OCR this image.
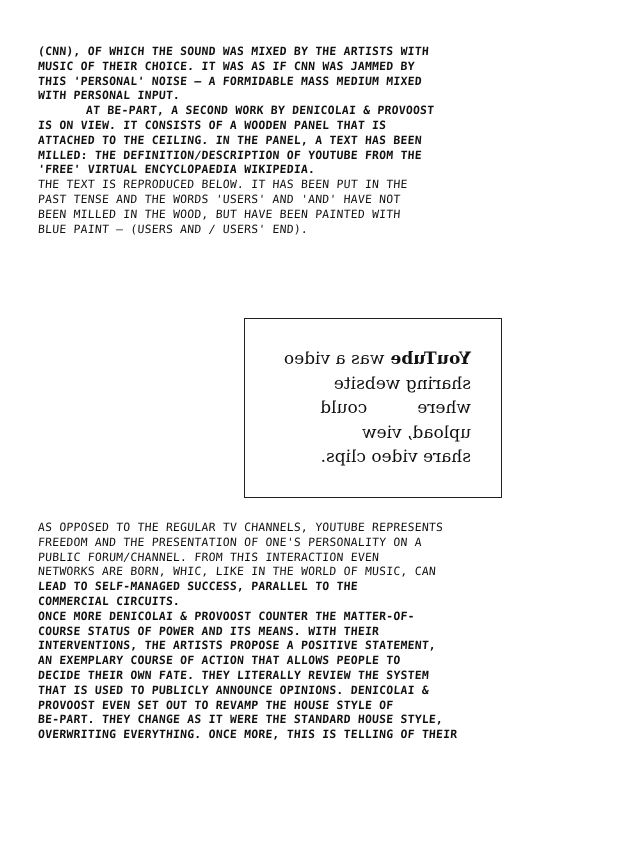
(CNN), OF WHICH THE SOUND WAS MIXED BY THE ARTISTS WITH
MUSIC OF THEIR CHOICE. IT WAS AS IF CNN WAS JAMMED BY
THIS 'PERSONAL' NOISE — A FORMIDABLE MASS MEDIUM MIXED
WITH PERSONAL INPUT.
AT BE-PART, A SECOND WORK BY DENICOLAI & PROVOOST
IS ON VIEW. IT CONSISTS OF A WOODEN PANEL THAT IS
ATTACHED TO THE CEILING. IN THE PANEL, A TEXT HAS BEEN
MILLED: THE DEFINITION/DESCRIPTION OF YOUTUBE FROM THE
'FREE' VIRTUAL ENCYCLOPAEDIA WIKIPEDIA.
THE TEXT IS REPRODUCED BELOW. IT HAS BEEN PUT IN THE
PAST TENSE AND THE WORDS 'USERS' AND 'AND' HAVE NOT
BEEN MILLED IN THE WOOD, BUT HAVE BEEN PAINTED WITH
BLUE PAINT — (USERS AND / USERS' END).
YouTubewas a video
sharing website
wherecould
upload, view
share video clips.
AS OPPOSED TO THE REGULAR TV CHANNELS, YOUTUBE REPRESENTS
FREEDOM AND THE PRESENTATION OF ONE'S PERSONALITY ON A
PUBLIC FORUM/CHANNEL. FROM THIS INTERACTION EVEN
NETWORKS ARE BORN, WHIC, LIKE IN THE WORLD OF MUSIC, CAN
LEAD TO SELF-MANAGED SUCCESS, PARALLEL TO THE
COMMERCIAL CIRCUITS.
ONCE MORE DENICOLAI & PROVOOST COUNTER THE MATTER-OF-
COURSE STATUS OF POWER AND ITS MEANS. WITH THEIR
INTERVENTIONS, THE ARTISTS PROPOSE A POSITIVE STATEMENT,
AN EXEMPLARY COURSE OF ACTION THAT ALLOWS PEOPLE TO
DECIDE THEIR OWN FATE. THEY LITERALLY REVIEW THE SYSTEM
THAT IS USED TO PUBLICLY ANNOUNCE OPINIONS. DENICOLAI &
PROVOOST EVEN SET OUT TO REVAMP THE HOUSE STYLE OF
BE-PART. THEY CHANGE AS IT WERE THE STANDARD HOUSE STYLE,
OVERWRITING EVERYTHING. ONCE MORE, THIS IS TELLING OF THEIR
